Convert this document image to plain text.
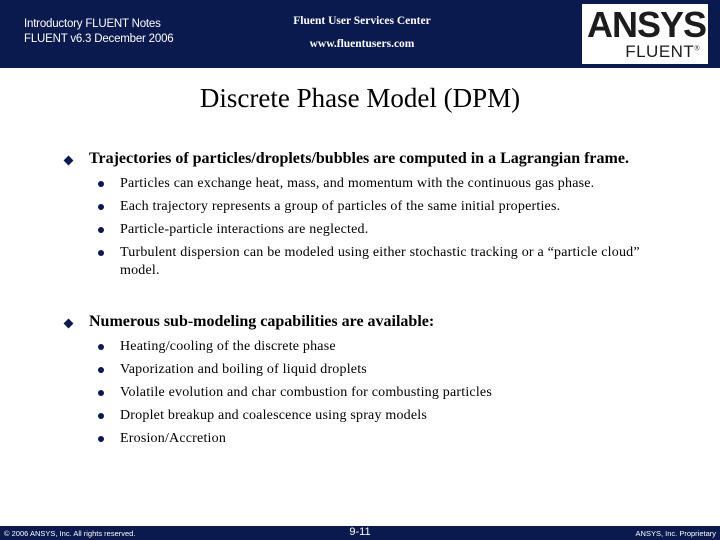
Introductory FLUENT Notes
FLUENT v6.3 December 2006
Fluent User Services Center
www.fluentusers.com	ANSYS
FLUENT®
Discrete Phase Model (DPM)
Trajectories of particles/droplets/bubbles are computed in a Lagrangian frame.
Particles can exchange heat, mass, and momentum with the continuous gas phase.
Each trajectory represents a group of particles of the same initial properties.
Particle-particle interactions are neglected.
Turbulent dispersion can be modeled using either stochastic tracking or a “particle cloud” model.
Numerous sub-modeling capabilities are available:
Heating/cooling of the discrete phase
Vaporization and boiling of liquid droplets
Volatile evolution and char combustion for combusting particles
Droplet breakup and coalescence using spray models
Erosion/Accretion
© 2006 ANSYS, Inc. All rights reserved.	9-11	ANSYS, Inc. Proprietary
